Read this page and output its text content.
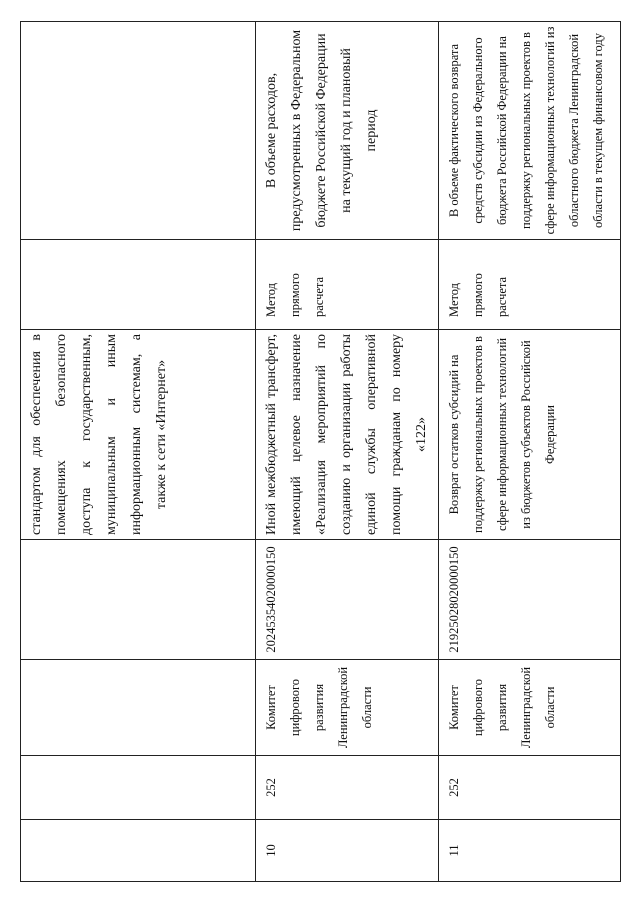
				стандартом для обеспечения в помещениях безопасного доступа к государственным, муниципальным и иным информационным системам, а также к сети «Интернет»		
10	252	Комитет цифрового развития Ленинградской области	20245354020000150	Иной межбюджетный трансферт, имеющий целевое назначение «Реализация мероприятий по созданию и организации работы единой службы оперативной помощи гражданам по номеру «122»	Метод прямого расчета	В объеме расходов, предусмотренных в Федеральном бюджете Российской Федерации на текущий год и плановый период
11	252	Комитет цифрового развития Ленинградской области	21925028020000150	Возврат остатков субсидий на поддержку региональных проектов в сфере информационных технологий из бюджетов субъектов Российской Федерации	Метод прямого расчета	В объеме фактического возврата средств субсидии из Федерального бюджета Российской Федерации на поддержку региональных проектов в сфере информационных технологий из областного бюджета Ленинградской области в текущем финансовом году
